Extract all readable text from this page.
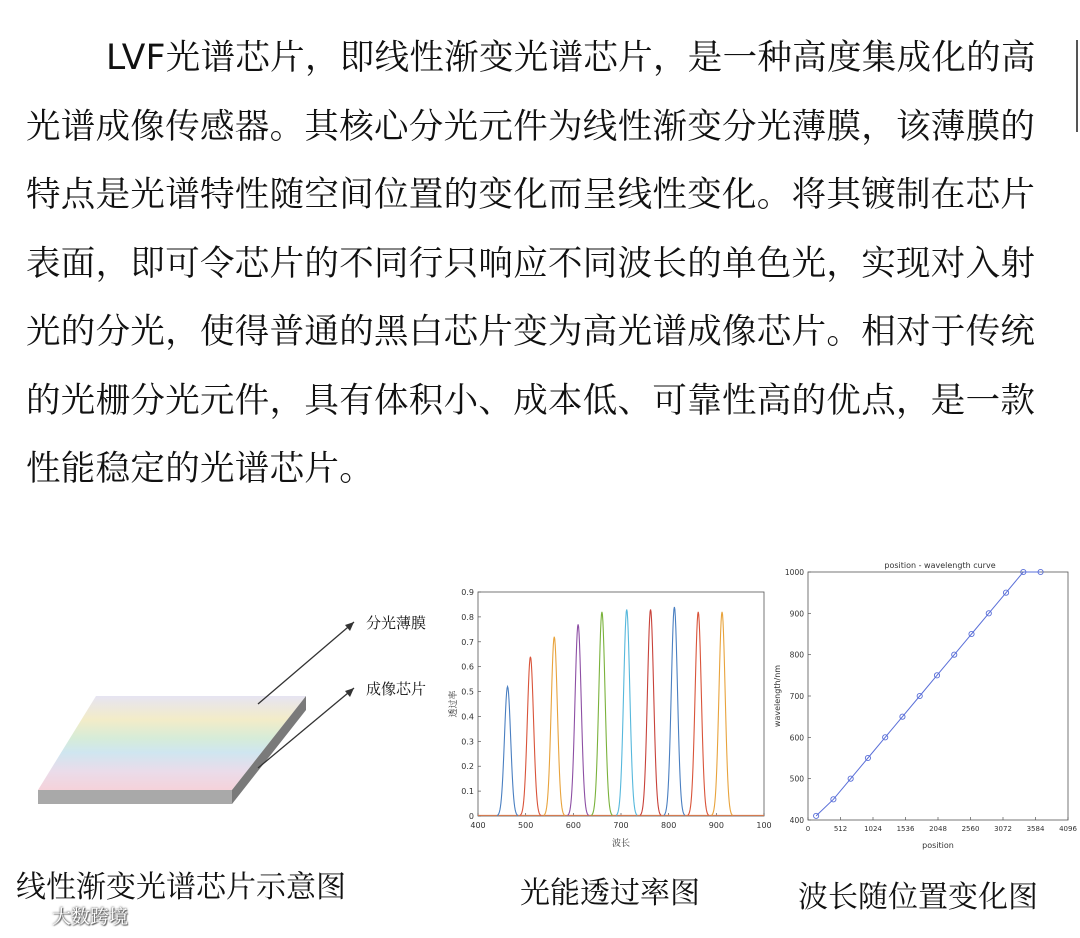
LVF光谱芯片，即线性渐变光谱芯片，是一种高度集成化的高光谱成像传感器。其核心分光元件为线性渐变分光薄膜，该薄膜的特点是光谱特性随空间位置的变化而呈线性变化。将其镀制在芯片表面，即可令芯片的不同行只响应不同波长的单色光，实现对入射光的分光，使得普通的黑白芯片变为高光谱成像芯片。相对于传统的光栅分光元件，具有体积小、成本低、可靠性高的优点，是一款性能稳定的光谱芯片。

分光薄膜
成像芯片
0
0.1
0.2
0.3
0.4
0.5
0.6
0.7
0.8
0.9
400	500	600	700	800	900	100
波长
透过率
position - wavelength curve
400
500
600
700
800
900
1000
0	512 1024 1536 2048 2560 3072 3584 4096
position
wavelength/nm
线性渐变光谱芯片示意图	光能透过率图	波长随位置变化图
大数跨境
